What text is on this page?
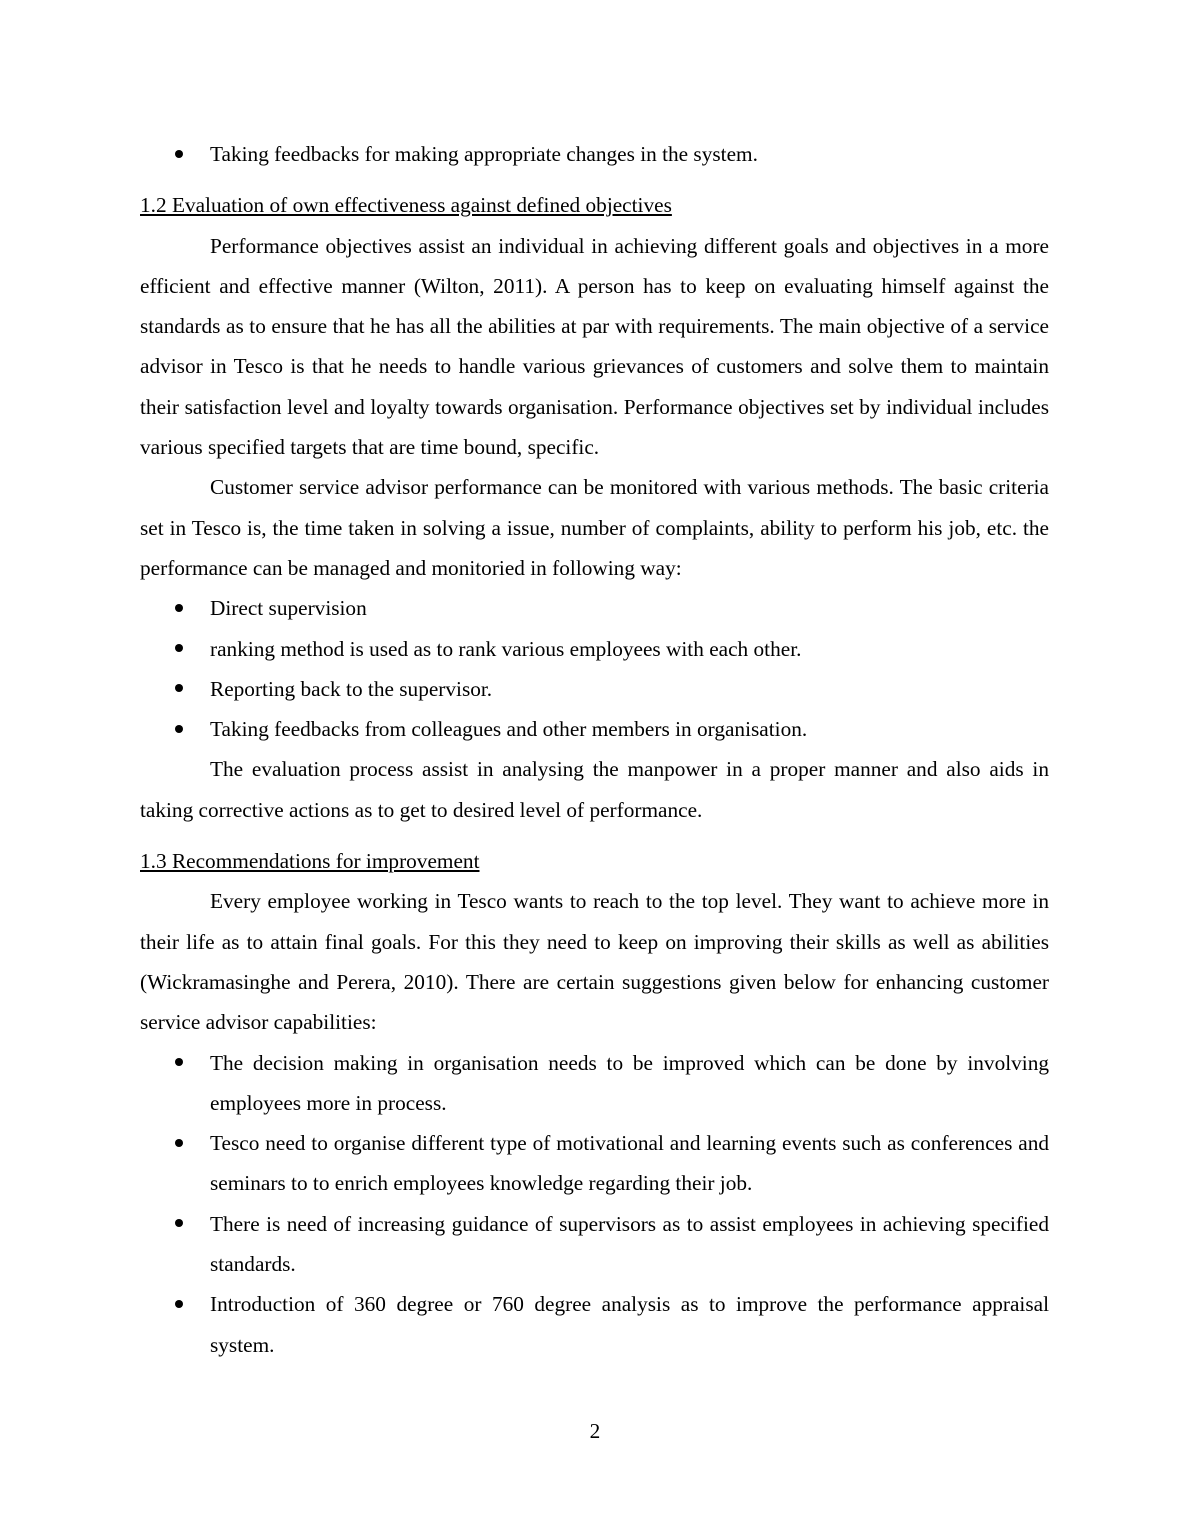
Taking feedbacks for making appropriate changes in the system.
1.2 Evaluation of own effectiveness against defined objectives

Performance objectives assist an individual in achieving different goals and objectives in a more efficient and effective manner (Wilton, 2011). A person has to keep on evaluating himself against the standards as to ensure that he has all the abilities at par with requirements. The main objective of a service advisor in Tesco is that he needs to handle various grievances of customers and solve them to maintain their satisfaction level and loyalty towards organisation. Performance objectives set by individual includes various specified targets that are time bound, specific.

Customer service advisor performance can be monitored with various methods. The basic criteria set in Tesco is, the time taken in solving a issue, number of complaints, ability to perform his job, etc. the performance can be managed and monitoried in following way:

Direct supervision
ranking method is used as to rank various employees with each other.
Reporting back to the supervisor.
Taking feedbacks from colleagues and other members in organisation.

The evaluation process assist in analysing the manpower in a proper manner and also aids in taking corrective actions as to get to desired level of performance.

1.3 Recommendations for improvement

Every employee working in Tesco wants to reach to the top level. They want to achieve more in their life as to attain final goals. For this they need to keep on improving their skills as well as abilities (Wickramasinghe and Perera, 2010). There are certain suggestions given below for enhancing customer service advisor capabilities:

The decision making in organisation needs to be improved which can be done by involving employees more in process.
Tesco need to organise different type of motivational and learning events such as conferences and seminars to to enrich employees knowledge regarding their job.
There is need of increasing guidance of supervisors as to assist employees in achieving specified standards.
Introduction of 360 degree or 760 degree analysis as to improve the performance appraisal system.
2
